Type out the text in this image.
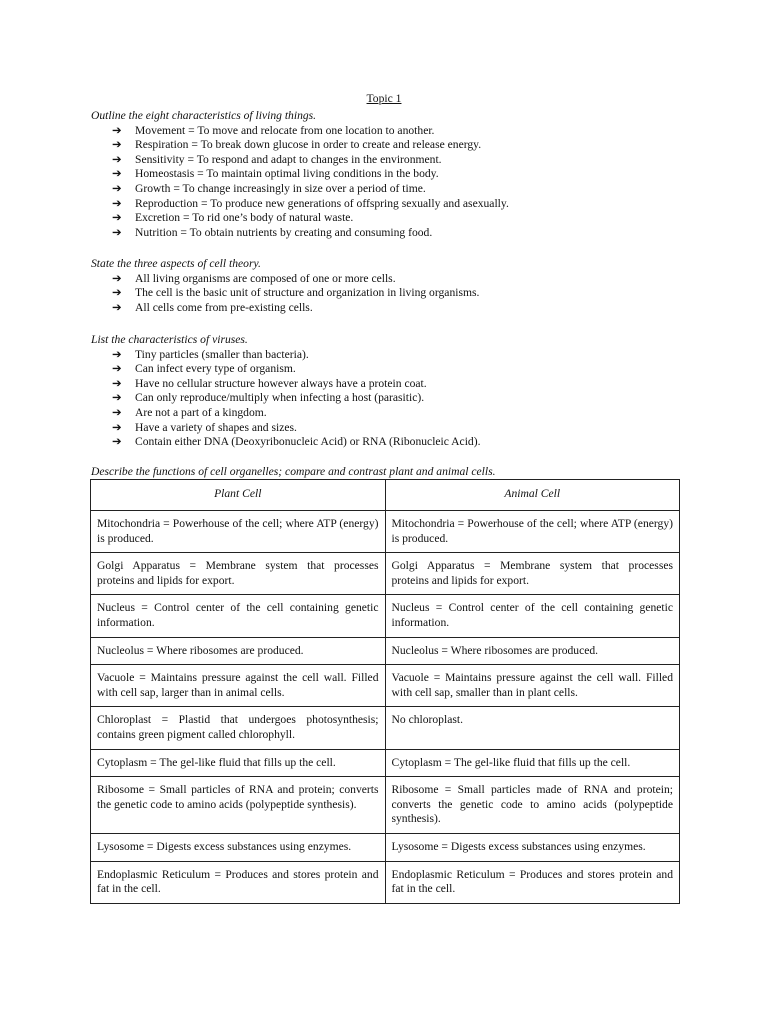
Topic 1
Outline the eight characteristics of living things.
➔	Movement = To move and relocate from one location to another.
➔	Respiration = To break down glucose in order to create and release energy.
➔	Sensitivity = To respond and adapt to changes in the environment.
➔	Homeostasis = To maintain optimal living conditions in the body.
➔	Growth = To change increasingly in size over a period of time.
➔	Reproduction = To produce new generations of offspring sexually and asexually.
➔	Excretion = To rid one’s body of natural waste.
➔	Nutrition = To obtain nutrients by creating and consuming food.
State the three aspects of cell theory.
➔	All living organisms are composed of one or more cells.
➔	The cell is the basic unit of structure and organization in living organisms.
➔	All cells come from pre-existing cells.
List the characteristics of viruses.
➔	Tiny particles (smaller than bacteria).
➔	Can infect every type of organism.
➔	Have no cellular structure however always have a protein coat.
➔	Can only reproduce/multiply when infecting a host (parasitic).
➔	Are not a part of a kingdom.
➔	Have a variety of shapes and sizes.
➔	Contain either DNA (Deoxyribonucleic Acid) or RNA (Ribonucleic Acid).
Describe the functions of cell organelles; compare and contrast plant and animal cells.
Plant Cell	Animal Cell
Mitochondria = Powerhouse of the cell; where ATP (energy) is produced.	Mitochondria = Powerhouse of the cell; where ATP (energy) is produced.
Golgi Apparatus = Membrane system that processes proteins and lipids for export.	Golgi Apparatus = Membrane system that processes proteins and lipids for export.
Nucleus = Control center of the cell containing genetic information.	Nucleus = Control center of the cell containing genetic information.
Nucleolus = Where ribosomes are produced.	Nucleolus = Where ribosomes are produced.
Vacuole = Maintains pressure against the cell wall. Filled with cell sap, larger than in animal cells.	Vacuole = Maintains pressure against the cell wall. Filled with cell sap, smaller than in plant cells.
Chloroplast = Plastid that undergoes photosynthesis; contains green pigment called chlorophyll.	No chloroplast.
Cytoplasm = The gel-like fluid that fills up the cell.	Cytoplasm = The gel-like fluid that fills up the cell.
Ribosome = Small particles of RNA and protein; converts the genetic code to amino acids (polypeptide synthesis).	Ribosome = Small particles made of RNA and protein; converts the genetic code to amino acids (polypeptide synthesis).
Lysosome = Digests excess substances using enzymes.	Lysosome = Digests excess substances using enzymes.
Endoplasmic Reticulum = Produces and stores protein and fat in the cell.	Endoplasmic Reticulum = Produces and stores protein and fat in the cell.
